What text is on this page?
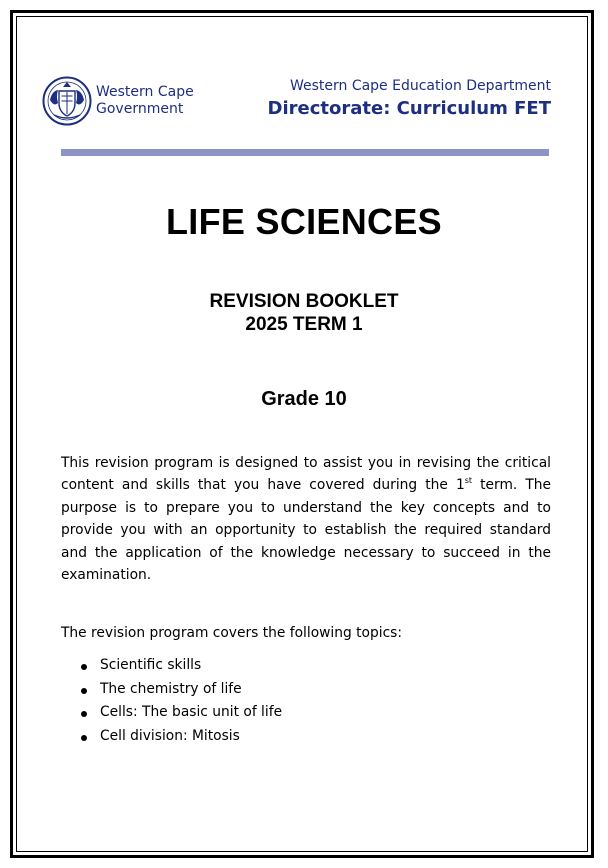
Western Cape
Government
Western Cape Education Department
Directorate: Curriculum FET
LIFE SCIENCES
REVISION BOOKLET
2025 TERM 1
Grade 10

This revision program is designed to assist you in revising the critical content and skills that you have covered during the 1st term. The purpose is to prepare you to understand the key concepts and to provide you with an opportunity to establish the required standard and the application of the knowledge necessary to succeed in the examination.

The revision program covers the following topics:

Scientific skills
The chemistry of life
Cells: The basic unit of life
Cell division: Mitosis
